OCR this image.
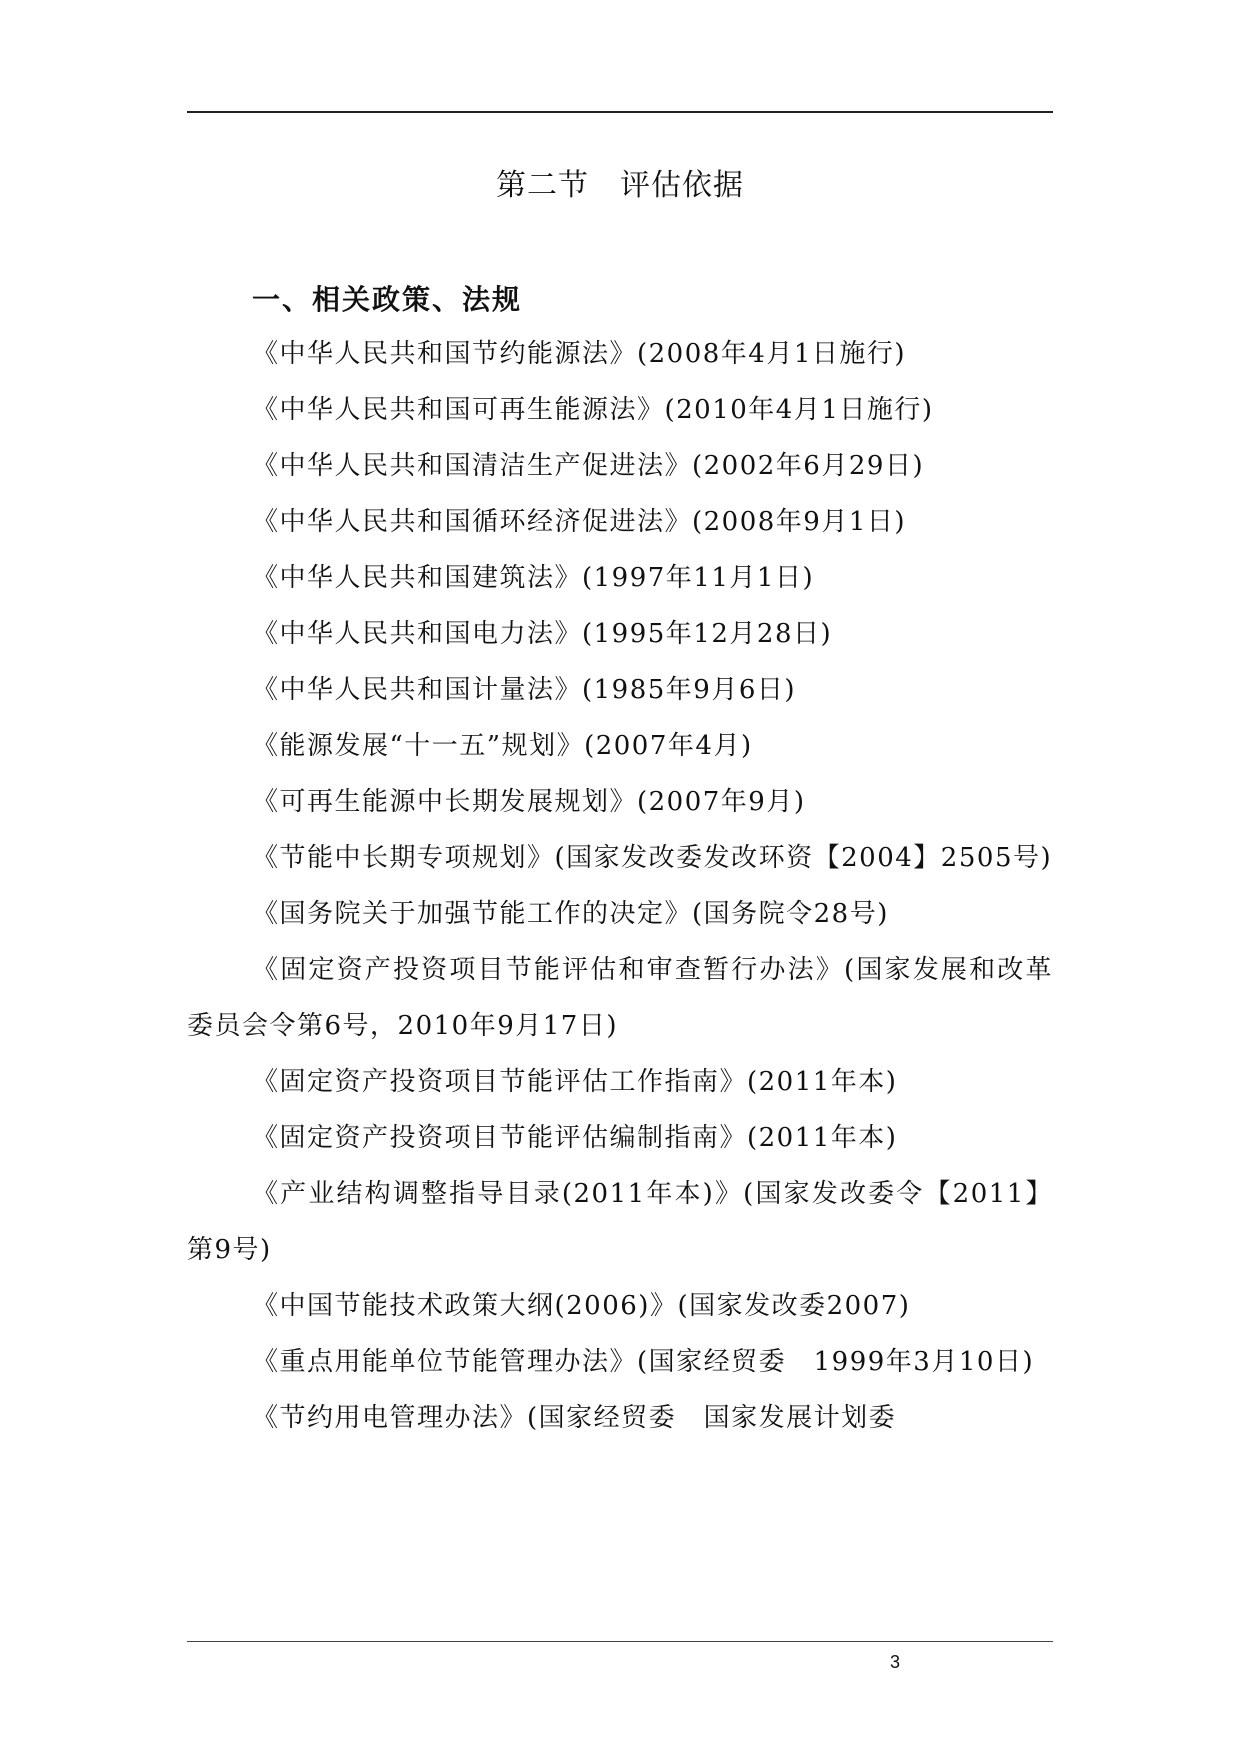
第二节　评估依据
一、相关政策、法规

《中华人民共和国节约能源法》(2008年4月1日施行)

《中华人民共和国可再生能源法》(2010年4月1日施行)

《中华人民共和国清洁生产促进法》(2002年6月29日)

《中华人民共和国循环经济促进法》(2008年9月1日)

《中华人民共和国建筑法》(1997年11月1日)

《中华人民共和国电力法》(1995年12月28日)

《中华人民共和国计量法》(1985年9月6日)

《能源发展“十一五”规划》(2007年4月)

《可再生能源中长期发展规划》(2007年9月)

《节能中长期专项规划》(国家发改委发改环资【2004】2505号)

《国务院关于加强节能工作的决定》(国务院令28号)

《固定资产投资项目节能评估和审查暂行办法》(国家发展和改革委员会令第6号，2010年9月17日)

《固定资产投资项目节能评估工作指南》(2011年本)

《固定资产投资项目节能评估编制指南》(2011年本)

《产业结构调整指导目录(2011年本)》(国家发改委令【2011】第9号)

《中国节能技术政策大纲(2006)》(国家发改委2007)

《重点用能单位节能管理办法》(国家经贸委　1999年3月10日)

《节约用电管理办法》(国家经贸委　国家发展计划委

3
